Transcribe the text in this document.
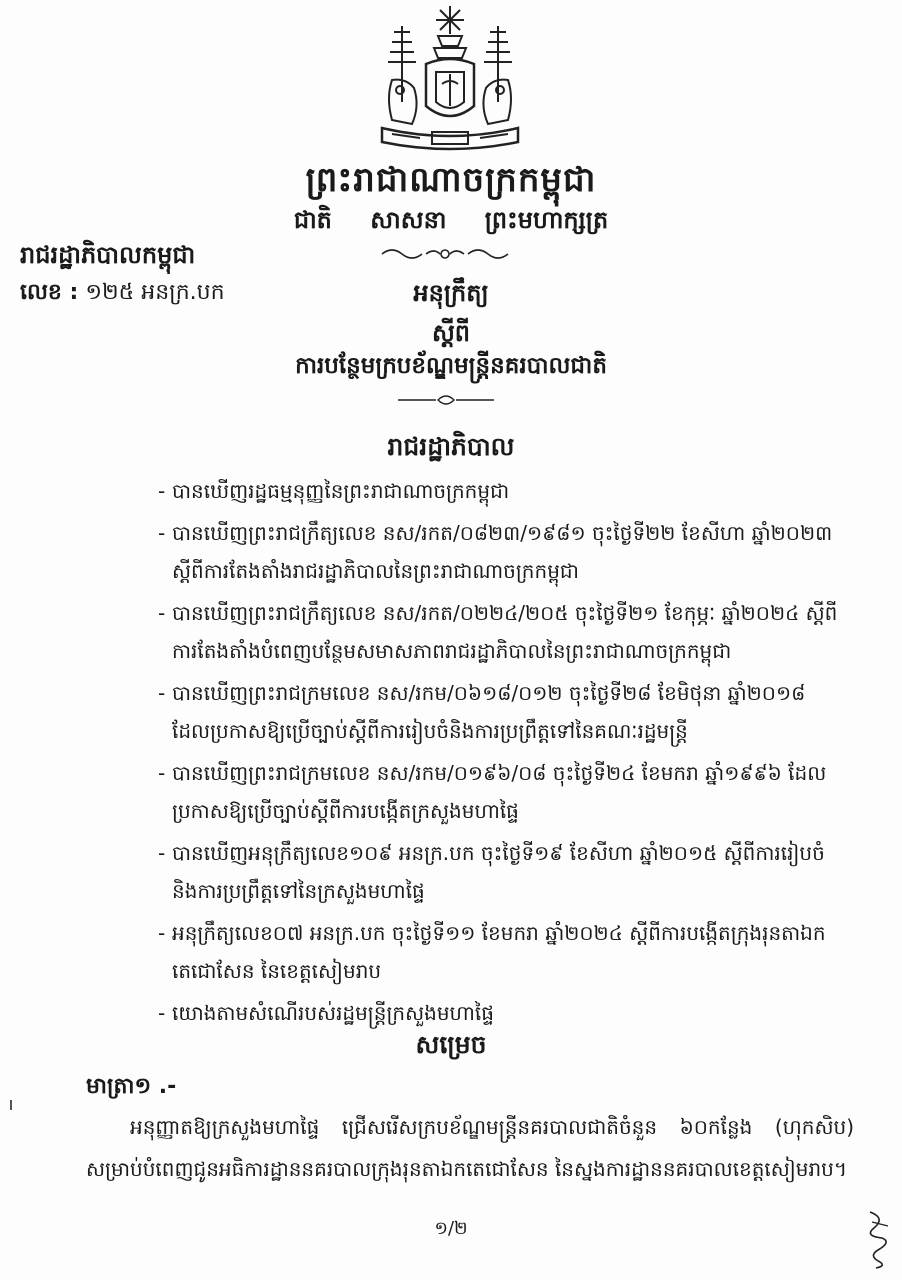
ព្រះរាជាណាចក្រកម្ពុជា
ជាតិ សាសនា ព្រះមហាក្សត្រ
រាជរដ្ឋាភិបាលកម្ពុជា
លេខ : ១២៥ អនក្រ.បក	អនុក្រឹត្យ
ស្ដីពី
ការបន្ថែមក្របខ័ណ្ឌមន្ត្រីនគរបាលជាតិ
រាជរដ្ឋាភិបាល
- បានឃើញរដ្ឋធម្មនុញ្ញនៃព្រះរាជាណាចក្រកម្ពុជា
- បានឃើញព្រះរាជក្រឹត្យលេខ នស/រកត/០៨២៣/១៩៨១ ចុះថ្ងៃទី២២ ខែសីហា ឆ្នាំ២០២៣ ស្ដីពីការតែងតាំងរាជរដ្ឋាភិបាលនៃព្រះរាជាណាចក្រកម្ពុជា
- បានឃើញព្រះរាជក្រឹត្យលេខ នស/រកត/០២២៤/២០៥ ចុះថ្ងៃទី២១ ខែកុម្ភៈ ឆ្នាំ២០២៤ ស្ដីពីការតែងតាំងបំពេញបន្ថែមសមាសភាពរាជរដ្ឋាភិបាលនៃព្រះរាជាណាចក្រកម្ពុជា
- បានឃើញព្រះរាជក្រមលេខ នស/រកម/០៦១៨/០១២ ចុះថ្ងៃទី២៨ ខែមិថុនា ឆ្នាំ២០១៨ ដែលប្រកាសឱ្យប្រើច្បាប់ស្ដីពីការរៀបចំនិងការប្រព្រឹត្តទៅនៃគណៈរដ្ឋមន្ត្រី
- បានឃើញព្រះរាជក្រមលេខ នស/រកម/០១៩៦/០៨ ចុះថ្ងៃទី២៤ ខែមករា ឆ្នាំ១៩៩៦ ដែលប្រកាសឱ្យប្រើច្បាប់ស្ដីពីការបង្កើតក្រសួងមហាផ្ទៃ
- បានឃើញអនុក្រឹត្យលេខ១០៩ អនក្រ.បក ចុះថ្ងៃទី១៩ ខែសីហា ឆ្នាំ២០១៥ ស្ដីពីការរៀបចំនិងការប្រព្រឹត្តទៅនៃក្រសួងមហាផ្ទៃ
- អនុក្រឹត្យលេខ០៧ អនក្រ.បក ចុះថ្ងៃទី១១ ខែមករា ឆ្នាំ២០២៤ ស្ដីពីការបង្កើតក្រុងរុនតាឯកតេជោសែន នៃខេត្តសៀមរាប
- យោងតាមសំណើរបស់រដ្ឋមន្ត្រីក្រសួងមហាផ្ទៃ
សម្រេច
មាត្រា១ .-
អនុញ្ញាតឱ្យក្រសួងមហាផ្ទៃ ជ្រើសរើសក្របខ័ណ្ឌមន្ត្រីនគរបាលជាតិចំនួន ៦០កន្លែង (ហុកសិប) សម្រាប់បំពេញជូនអធិការដ្ឋាននគរបាលក្រុងរុនតាឯកតេជោសែន នៃស្នងការដ្ឋាននគរបាលខេត្តសៀមរាប។
១/២
